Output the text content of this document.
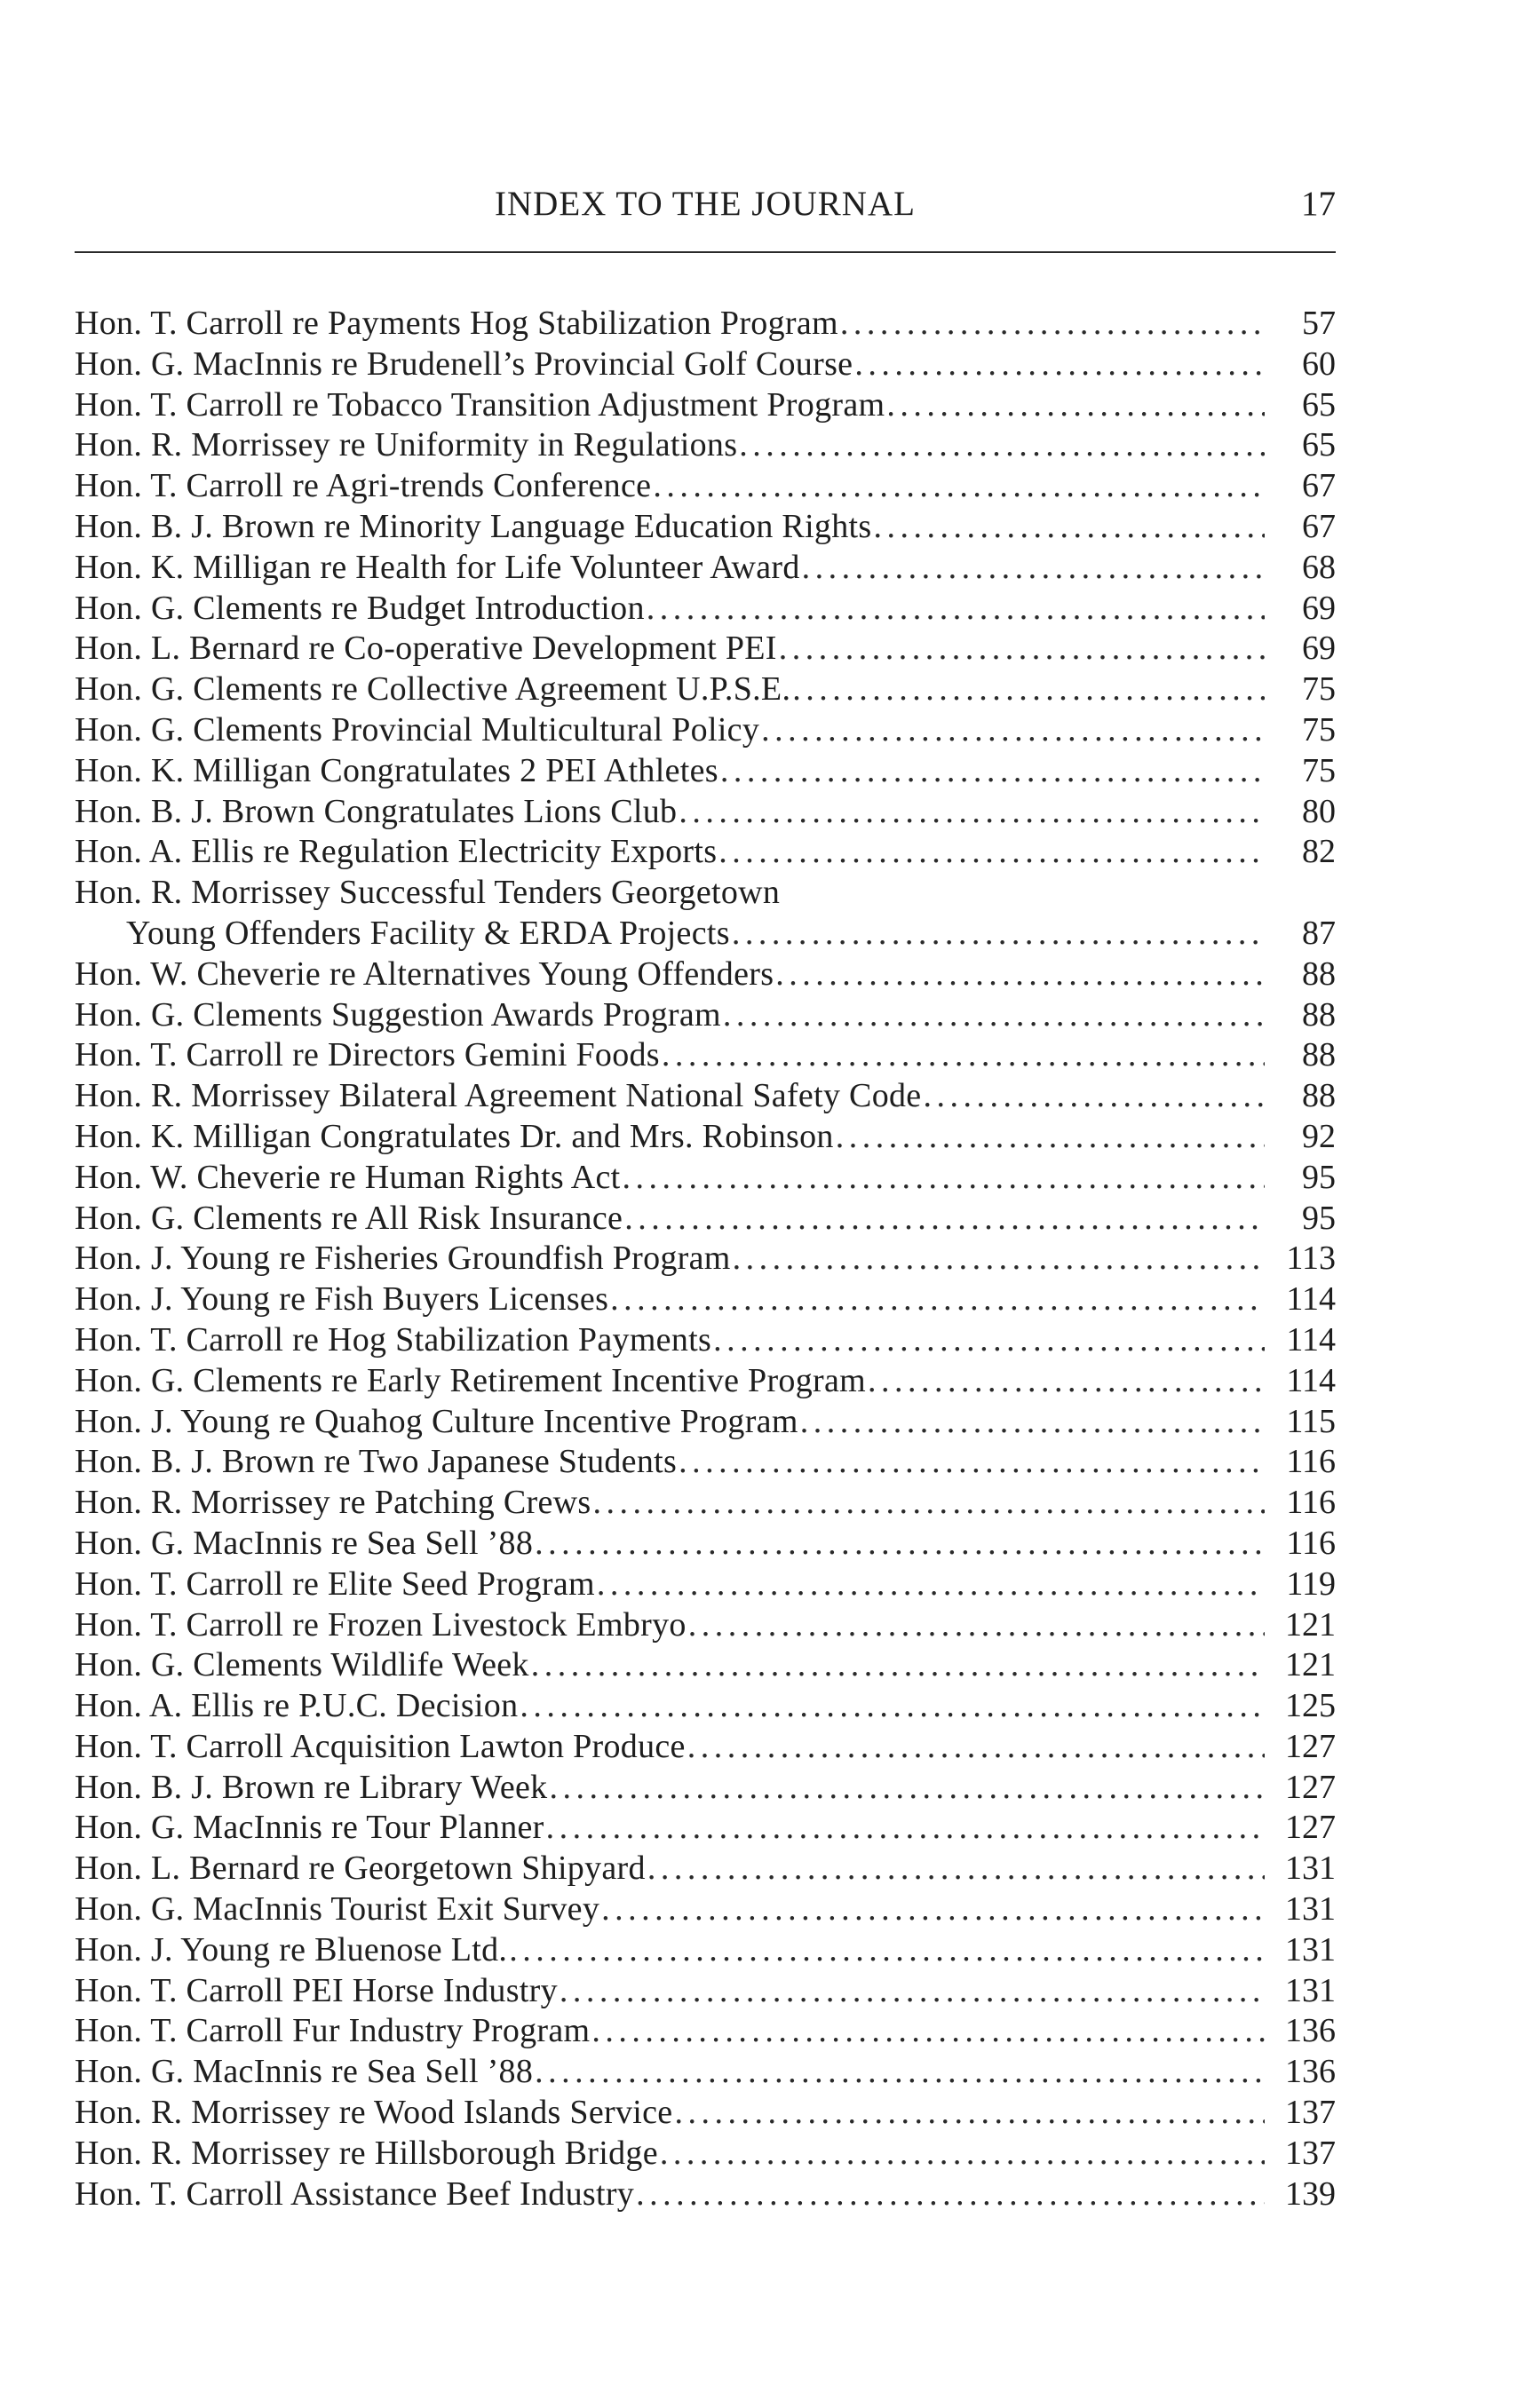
INDEX TO THE JOURNAL	17
Hon. T. Carroll re Payments Hog Stabilization Program .....	57
Hon. G. MacInnis re Brudenell’s Provincial Golf Course .....	60
Hon. T. Carroll re Tobacco Transition Adjustment Program .....	65
Hon. R. Morrissey re Uniformity in Regulations .....	65
Hon. T. Carroll re Agri-trends Conference .....	67
Hon. B. J. Brown re Minority Language Education Rights .....	67
Hon. K. Milligan re Health for Life Volunteer Award .....	68
Hon. G. Clements re Budget Introduction .....	69
Hon. L. Bernard re Co-operative Development PEI .....	69
Hon. G. Clements re Collective Agreement U.P.S.E. .....	75
Hon. G. Clements Provincial Multicultural Policy .....	75
Hon. K. Milligan Congratulates 2 PEI Athletes .....	75
Hon. B. J. Brown Congratulates Lions Club .....	80
Hon. A. Ellis re Regulation Electricity Exports .....	82
Hon. R. Morrissey Successful Tenders Georgetown
Young Offenders Facility & ERDA Projects .....	87
Hon. W. Cheverie re Alternatives Young Offenders .....	88
Hon. G. Clements Suggestion Awards Program .....	88
Hon. T. Carroll re Directors Gemini Foods .....	88
Hon. R. Morrissey Bilateral Agreement National Safety Code .....	88
Hon. K. Milligan Congratulates Dr. and Mrs. Robinson .....	92
Hon. W. Cheverie re Human Rights Act .....	95
Hon. G. Clements re All Risk Insurance .....	95
Hon. J. Young re Fisheries Groundfish Program .....	113
Hon. J. Young re Fish Buyers Licenses .....	114
Hon. T. Carroll re Hog Stabilization Payments .....	114
Hon. G. Clements re Early Retirement Incentive Program .....	114
Hon. J. Young re Quahog Culture Incentive Program .....	115
Hon. B. J. Brown re Two Japanese Students .....	116
Hon. R. Morrissey re Patching Crews .....	116
Hon. G. MacInnis re Sea Sell ’88 .....	116
Hon. T. Carroll re Elite Seed Program .....	119
Hon. T. Carroll re Frozen Livestock Embryo .....	121
Hon. G. Clements Wildlife Week .....	121
Hon. A. Ellis re P.U.C. Decision .....	125
Hon. T. Carroll Acquisition Lawton Produce .....	127
Hon. B. J. Brown re Library Week .....	127
Hon. G. MacInnis re Tour Planner .....	127
Hon. L. Bernard re Georgetown Shipyard .....	131
Hon. G. MacInnis Tourist Exit Survey .....	131
Hon. J. Young re Bluenose Ltd. .....	131
Hon. T. Carroll PEI Horse Industry .....	131
Hon. T. Carroll Fur Industry Program .....	136
Hon. G. MacInnis re Sea Sell ’88 .....	136
Hon. R. Morrissey re Wood Islands Service .....	137
Hon. R. Morrissey re Hillsborough Bridge .....	137
Hon. T. Carroll Assistance Beef Industry .....	139
